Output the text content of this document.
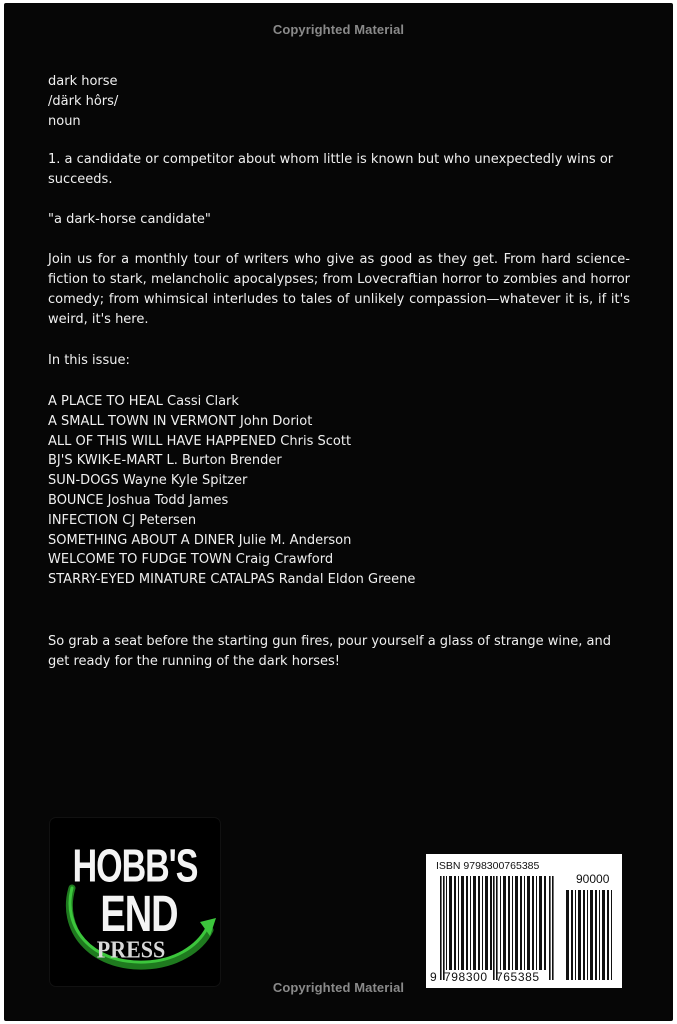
Copyrighted Material
dark horse
/därk hôrs/
noun
1. a candidate or competitor about whom little is known but who unexpectedly wins or succeeds.
"a dark-horse candidate"
Join us for a monthly tour of writers who give as good as they get. From hard science-fiction to stark, melancholic apocalypses; from Lovecraftian horror to zombies and horror comedy; from whimsical interludes to tales of unlikely compassion—whatever it is, if it's weird, it's here.
In this issue:
A PLACE TO HEAL Cassi Clark
A SMALL TOWN IN VERMONT John Doriot
ALL OF THIS WILL HAVE HAPPENED Chris Scott
BJ'S KWIK-E-MART L. Burton Brender
SUN-DOGS Wayne Kyle Spitzer
BOUNCE Joshua Todd James
INFECTION CJ Petersen
SOMETHING ABOUT A DINER Julie M. Anderson
WELCOME TO FUDGE TOWN Craig Crawford
STARRY-EYED MINATURE CATALPAS Randal Eldon Greene
So grab a seat before the starting gun fires, pour yourself a glass of strange wine, and get ready for the running of the dark horses!
HOBB'S
END
PRESS
ISBN 9798300765385
90000
9 798300 765385
Copyrighted Material
